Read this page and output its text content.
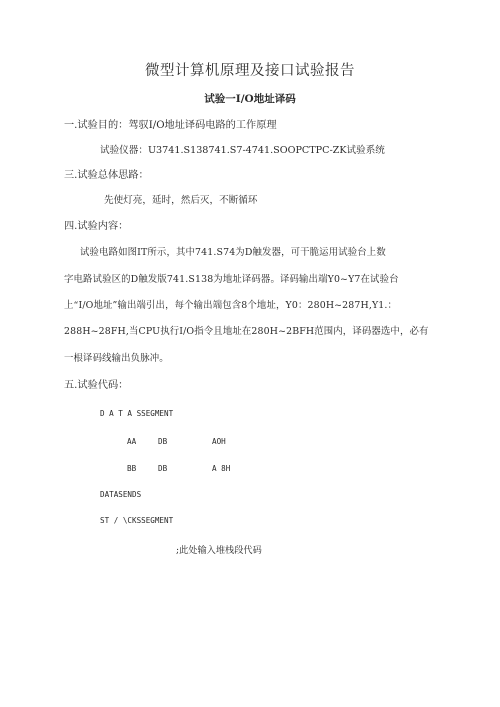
微型计算机原理及接口试验报告
试验一I/O地址译码
一.试验目的：驾驭I/O地址译码电路的工作原理
试验仪器：U3741.S138741.S7-4741.SOOPCTPC-ZK试验系统
三.试验总体思路：
先使灯亮，延时，然后灭，不断循环
四.试验内容：
试验电路如图IT所示，其中741.S74为D触发器，可干脆运用试验台上数
字电路试验区的D触发版741.S138为地址译码器。译码输出端Y0~Y7在试验台
上“I/O地址”输出端引出，每个输出端包含8个地址，Y0：280H~287H,Y1.：
288H~28FH,当CPU执行I/O指令且地址在280H~2BFH范围内，译码器选中，必有
一根译码线输出负脉冲。
五.试验代码：
D A T A SSEGMENT
AA	DB	AOH
BB	DB	A 8H
DATASENDS
ST / \CKSSEGMENT
;此处输入堆栈段代码
